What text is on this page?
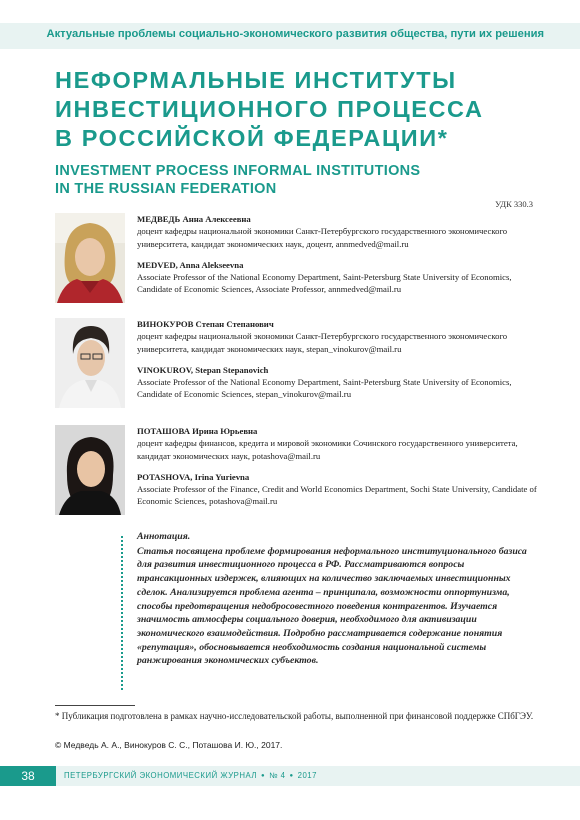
Актуальные проблемы социально-экономического развития общества, пути их решения
НЕФОРМАЛЬНЫЕ ИНСТИТУТЫ
ИНВЕСТИЦИОННОГО ПРОЦЕССА
В РОССИЙСКОЙ ФЕДЕРАЦИИ*
INVESTMENT PROCESS INFORMAL INSTITUTIONS
IN THE RUSSIAN FEDERATION
УДК 330.3

МЕДВЕДЬ Анна Алексеевна
доцент кафедры национальной экономики Санкт-Петербургского государственного экономического университета, кандидат экономических наук, доцент, annmedved@mail.ru

MEDVED, Anna Alekseevna
Associate Professor of the National Economy Department, Saint-Petersburg State University of Economics, Candidate of Economic Sciences, Associate Professor, annmedved@mail.ru

ВИНОКУРОВ Степан Степанович
доцент кафедры национальной экономики Санкт-Петербургского государственного экономического университета, кандидат экономических наук, stepan_vinokurov@mail.ru

VINOKUROV, Stepan Stepanovich
Associate Professor of the National Economy Department, Saint-Petersburg State University of Economics, Candidate of Economic Sciences, stepan_vinokurov@mail.ru

ПОТАШОВА Ирина Юрьевна
доцент кафедры финансов, кредита и мировой экономики Сочинского государственного университета, кандидат экономических наук, potashova@mail.ru

POTASHOVA, Irina Yurievna
Associate Professor of the Finance, Credit and World Economics Department, Sochi State University, Candidate of Economic Sciences, potashova@mail.ru

Аннотация.
Статья посвящена проблеме формирования неформального институционального базиса для развития инвестиционного процесса в РФ. Рассматриваются вопросы трансакционных издержек, влияющих на количество заключаемых инвестиционных сделок. Анализируется проблема агента – принципала, возможности оппортунизма, способы предотвращения недобросовестного поведения контрагентов. Изучается значимость атмосферы социального доверия, необходимого для активизации экономического взаимодействия. Подробно рассматривается содержание понятия «репутация», обосновывается необходимость создания национальной системы ранжирования экономических субъектов.
* Публикация подготовлена в рамках научно-исследовательской работы, выполненной при финансовой поддержке СПбГЭУ.
© Медведь А. А., Винокуров С. С., Поташова И. Ю., 2017.
38	ПЕТЕРБУРГСКИЙ ЭКОНОМИЧЕСКИЙ ЖУРНАЛ ● № 4 ● 2017
